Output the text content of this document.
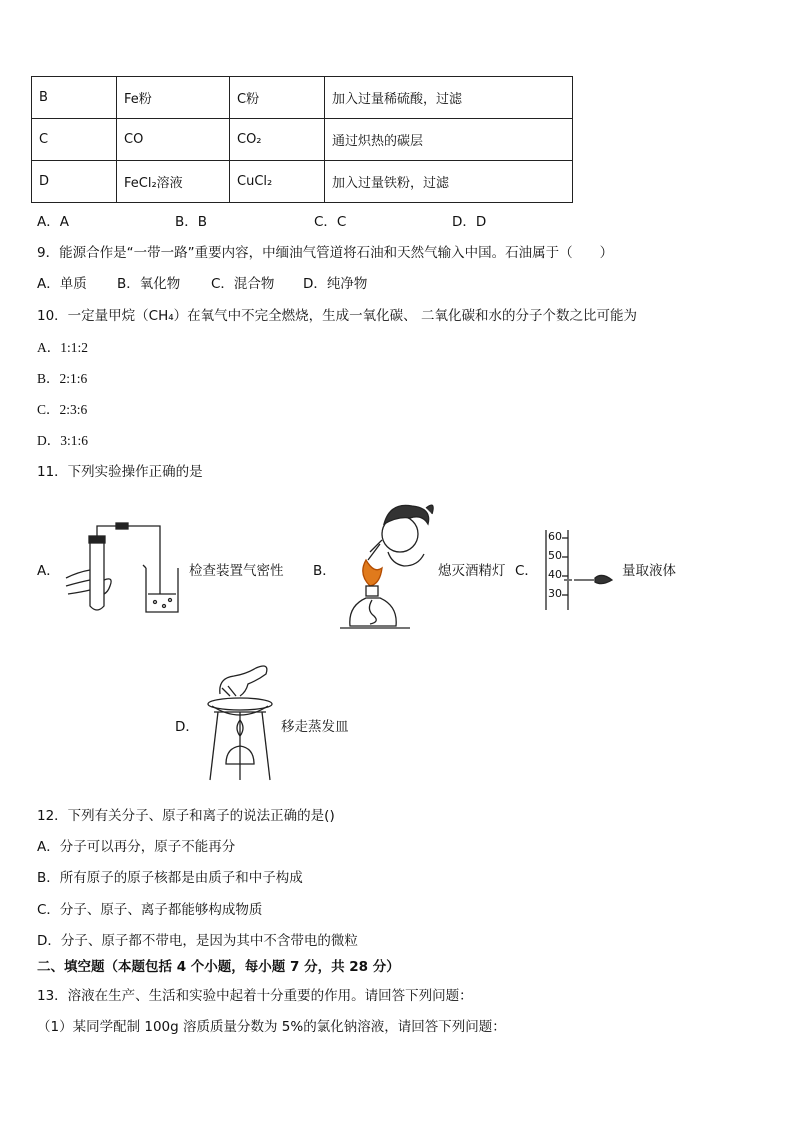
B	Fe粉	C粉	加入过量稀硫酸，过滤
C	CO	CO₂	通过炽热的碳层
D	FeCl₂溶液	CuCl₂	加入过量铁粉，过滤
A．A	B．B	C．C	D．D
9．能源合作是“一带一路”重要内容，中缅油气管道将石油和天然气输入中国。石油属于（　　）
A．单质 B．氧化物 C．混合物 D．纯净物
10．一定量甲烷（CH₄）在氧气中不完全燃烧，生成一氧化碳、 二氧化碳和水的分子个数之比可能为
A．1:1:2
B．2:1:6
C．2:3:6
D．3:1:6
11．下列实验操作正确的是
A．	检查装置气密性 B．	熄灭酒精灯 C．
60
50
40
30
量取液体
D．	移走蒸发皿
12．下列有关分子、原子和离子的说法正确的是()
A．分子可以再分，原子不能再分
B．所有原子的原子核都是由质子和中子构成
C．分子、原子、离子都能够构成物质
D．分子、原子都不带电，是因为其中不含带电的微粒
二、填空题（本题包括 4 个小题，每小题 7 分，共 28 分）
13．溶液在生产、生活和实验中起着十分重要的作用。请回答下列问题：
（1）某同学配制 100g 溶质质量分数为 5%的氯化钠溶液，请回答下列问题：
